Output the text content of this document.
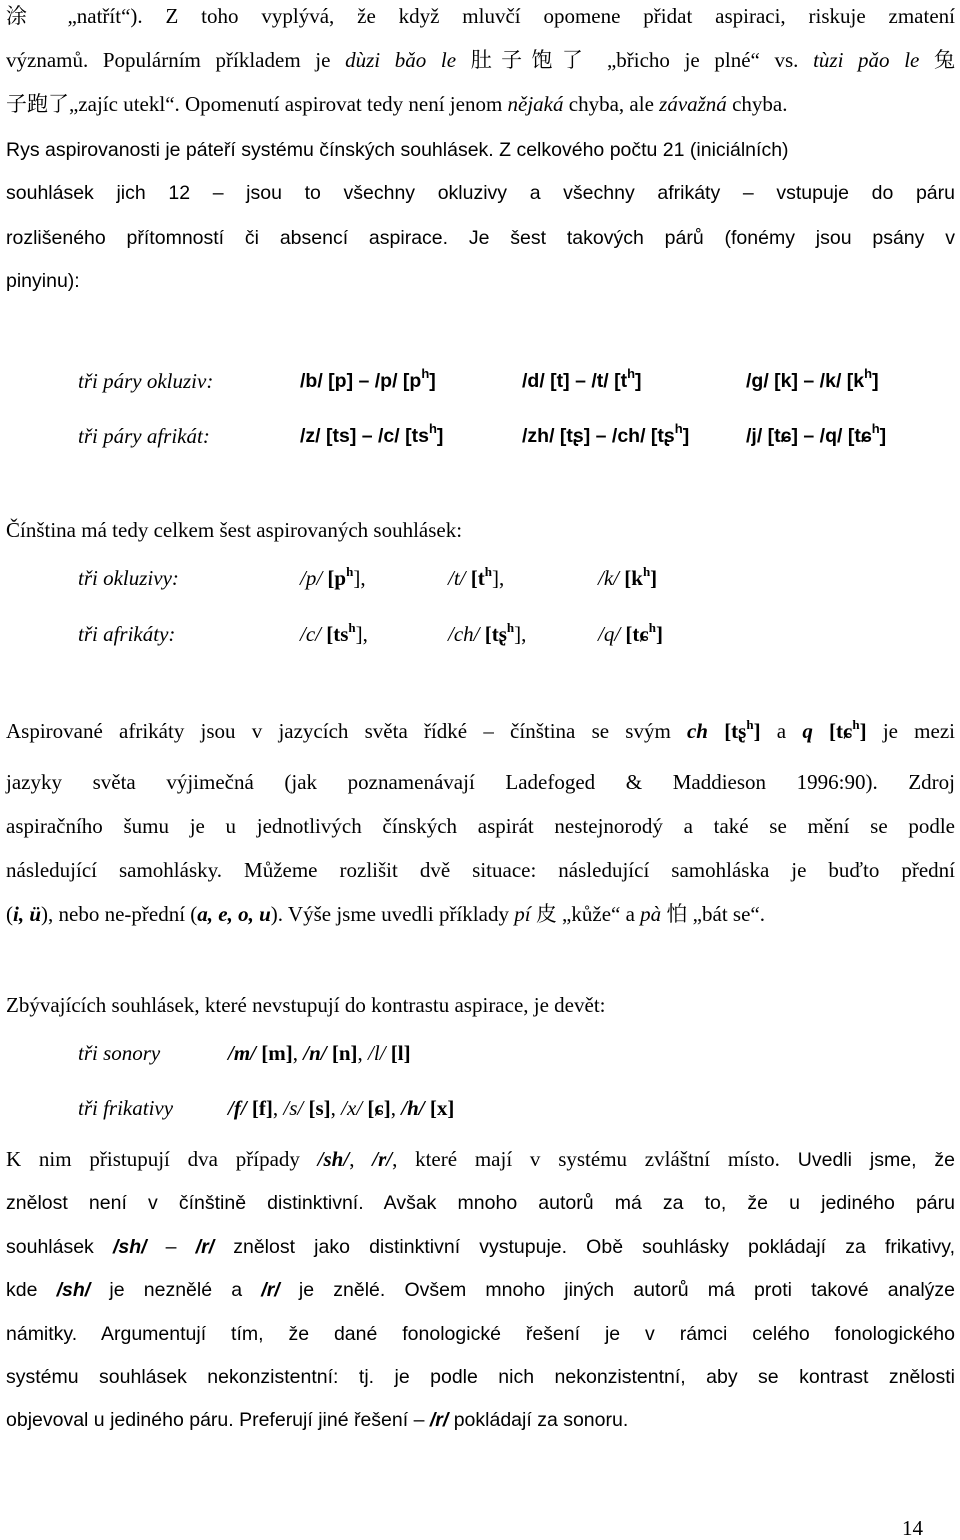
涂 „natřít“). Z toho vyplývá, že když mluvčí opomene přidat aspiraci, riskuje zmatení
významů. Populárním příkladem je dùzi bǎo le 肚子饱了 „břicho je plné“ vs. tùzi pǎo le 兔
子跑了„zajíc utekl“. Opomenutí aspirovat tedy není jenom nějaká chyba, ale závažná chyba.
Rys aspirovanosti je páteří systému čínských souhlásek. Z celkového počtu 21 (iniciálních)
souhlásek jich 12 – jsou to všechny okluzivy a všechny afrikáty – vstupuje do páru
rozlišeného přítomností či absencí aspirace. Je šest takových párů (fonémy jsou psány v
pinyinu):
tři páry okluziv:	/b/ [p] – /p/ $[p^h]$	/d/ [t] – /t/ $[t^h]$	/g/ [k] – /k/ $[k^h]$
tři páry afrikát:	/z/ [ts] – /c/ $[ts^h]$	/zh/ [tʂ] – /ch/ [tʂ$^h$]	/j/ [tɕ] – /q/ [tɕ$^h$]
Čínština má tedy celkem šest aspirovaných souhlásek:
tři okluzivy:	/p/ $[p^h]$,	/t/ $[t^h]$,	/k/ $[k^h]$
tři afrikáty:	/c/ $[ts^h]$,	/ch/ [tʂ$^h$],	/q/ [tɕ$^h$]
Aspirované afrikáty jsou v jazycích světa řídké – čínština se svým ch [tʂ$^h$] a q [tɕ$^h$] je mezi
jazyky světa výjimečná (jak poznamenávají Ladefoged & Maddieson 1996:90). Zdroj
aspiračního šumu je u jednotlivých čínských aspirát nestejnorodý a také se mění se podle
následující samohlásky. Můžeme rozlišit dvě situace: následující samohláska je buďto přední
(i, ü), nebo ne-přední (a, e, o, u). Výše jsme uvedli příklady pí 皮 „kůže“ a pà 怕 „bát se“.
Zbývajících souhlásek, které nevstupují do kontrastu aspirace, je devět:
tři sonory	/m/ [m], /n/ [n], /l/ [l]
tři frikativy	/f/ [f], /s/ [s], /x/ [ɕ], /h/ [x]
K nim přistupují dva případy /sh/, /r/, které mají v systému zvláštní místo. Uvedli jsme, že
znělost není v čínštině distinktivní. Avšak mnoho autorů má za to, že u jediného páru
souhlásek /sh/ – /r/ znělost jako distinktivní vystupuje. Obě souhlásky pokládají za frikativy,
kde /sh/ je neznělé a /r/ je znělé. Ovšem mnoho jiných autorů má proti takové analýze
námitky. Argumentují tím, že dané fonologické řešení je v rámci celého fonologického
systému souhlásek nekonzistentní: tj. je podle nich nekonzistentní, aby se kontrast znělosti
objevoval u jediného páru. Preferují jiné řešení – /r/ pokládají za sonoru.
14
